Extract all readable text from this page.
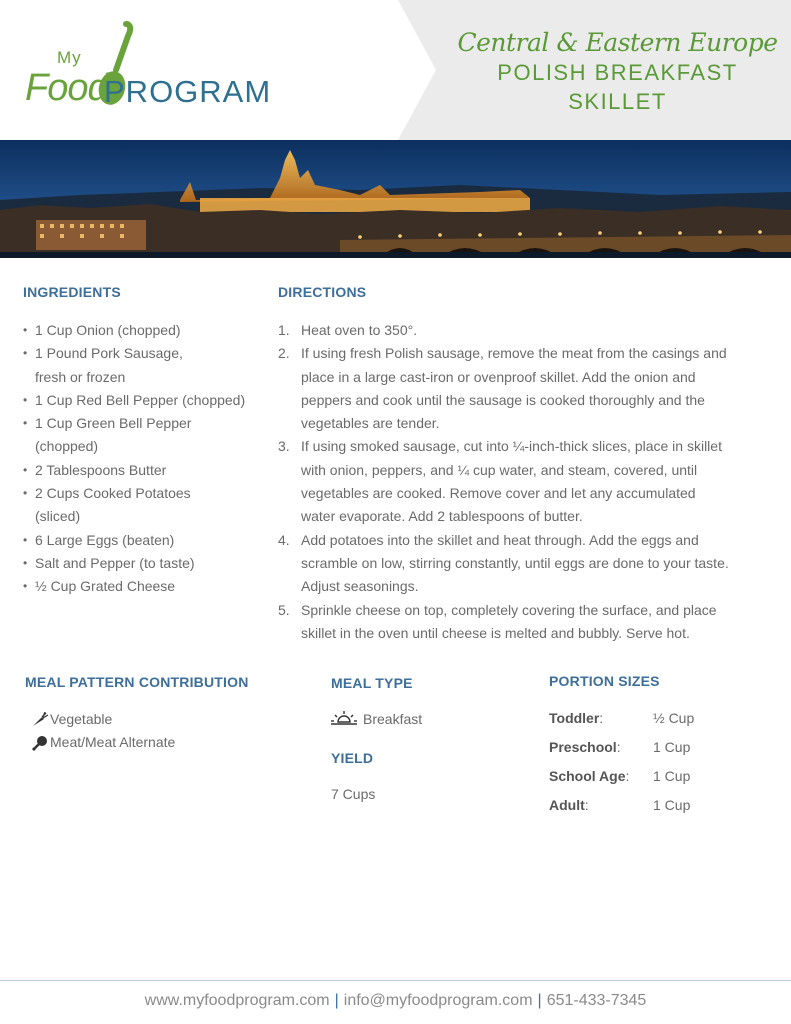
My
Food
PROGRAM
Central & Eastern Europe
POLISH BREAKFAST
SKILLET
INGREDIENTS
• 1 Cup Onion (chopped)
• 1 Pound Pork Sausage,
fresh or frozen
• 1 Cup Red Bell Pepper (chopped)
• 1 Cup Green Bell Pepper
(chopped)
• 2 Tablespoons Butter
• 2 Cups Cooked Potatoes
(sliced)
• 6 Large Eggs (beaten)
• Salt and Pepper (to taste)
• ½ Cup Grated Cheese
DIRECTIONS
1. Heat oven to 350°.
2. If using fresh Polish sausage, remove the meat from the casings and
place in a large cast-iron or ovenproof skillet. Add the onion and
peppers and cook until the sausage is cooked thoroughly and the
vegetables are tender.
3. If using smoked sausage, cut into ¼-inch-thick slices, place in skillet
with onion, peppers, and ¼ cup water, and steam, covered, until
vegetables are cooked. Remove cover and let any accumulated
water evaporate. Add 2 tablespoons of butter.
4. Add potatoes into the skillet and heat through. Add the eggs and
scramble on low, stirring constantly, until eggs are done to your taste.
Adjust seasonings.
5. Sprinkle cheese on top, completely covering the surface, and place
skillet in the oven until cheese is melted and bubbly. Serve hot.
MEAL PATTERN CONTRIBUTION
Vegetable
Meat/Meat Alternate
MEAL TYPE
Breakfast
YIELD
7 Cups
PORTION SIZES
Toddler:	½ Cup
Preschool:	1 Cup
School Age:	1 Cup
Adult:	1 Cup
www.myfoodprogram.com | info@myfoodprogram.com | 651-433-7345
